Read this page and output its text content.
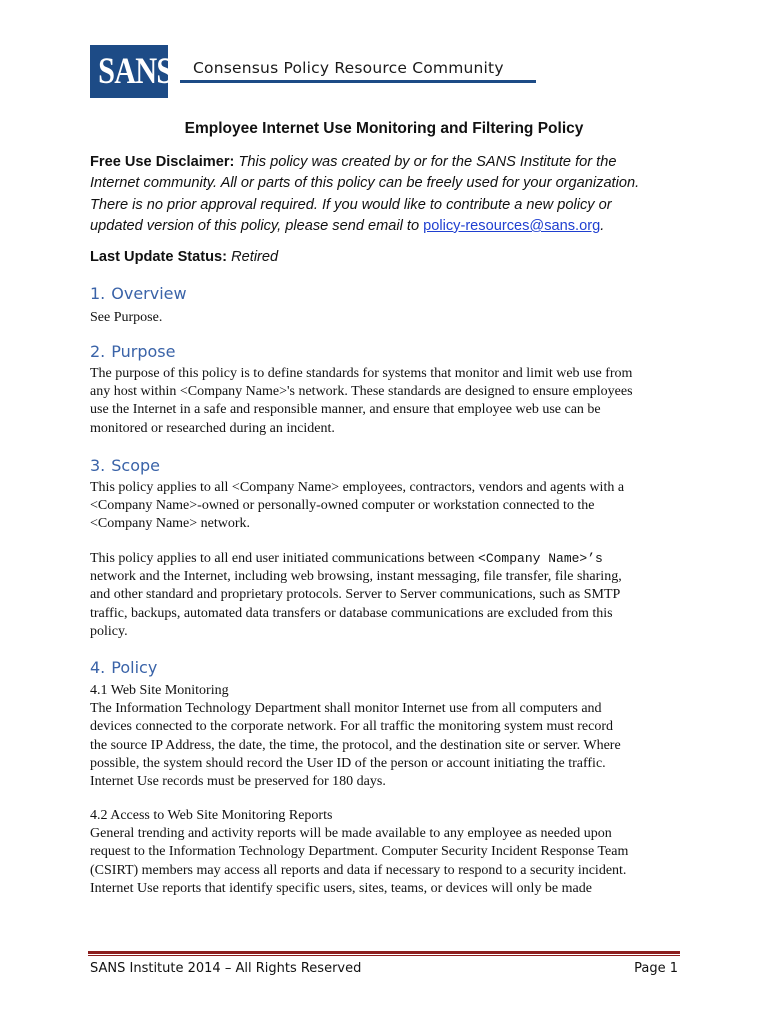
SANS Consensus Policy Resource Community
Employee Internet Use Monitoring and Filtering Policy
Free Use Disclaimer: This policy was created by or for the SANS Institute for the
Internet community. All or parts of this policy can be freely used for your organization.
There is no prior approval required. If you would like to contribute a new policy or
updated version of this policy, please send email to policy-resources@sans.org.
Last Update Status: Retired
1. Overview
See Purpose.
2. Purpose
The purpose of this policy is to define standards for systems that monitor and limit web use from
any host within <Company Name>'s network. These standards are designed to ensure employees
use the Internet in a safe and responsible manner, and ensure that employee web use can be
monitored or researched during an incident.
3. Scope
This policy applies to all <Company Name> employees, contractors, vendors and agents with a
<Company Name>-owned or personally-owned computer or workstation connected to the
<Company Name> network.
This policy applies to all end user initiated communications between <Company Name>’s
network and the Internet, including web browsing, instant messaging, file transfer, file sharing,
and other standard and proprietary protocols. Server to Server communications, such as SMTP
traffic, backups, automated data transfers or database communications are excluded from this
policy.
4. Policy
4.1 Web Site Monitoring
The Information Technology Department shall monitor Internet use from all computers and
devices connected to the corporate network. For all traffic the monitoring system must record
the source IP Address, the date, the time, the protocol, and the destination site or server. Where
possible, the system should record the User ID of the person or account initiating the traffic.
Internet Use records must be preserved for 180 days.
4.2 Access to Web Site Monitoring Reports
General trending and activity reports will be made available to any employee as needed upon
request to the Information Technology Department. Computer Security Incident Response Team
(CSIRT) members may access all reports and data if necessary to respond to a security incident.
Internet Use reports that identify specific users, sites, teams, or devices will only be made
SANS Institute 2014 – All Rights Reserved	Page 1
